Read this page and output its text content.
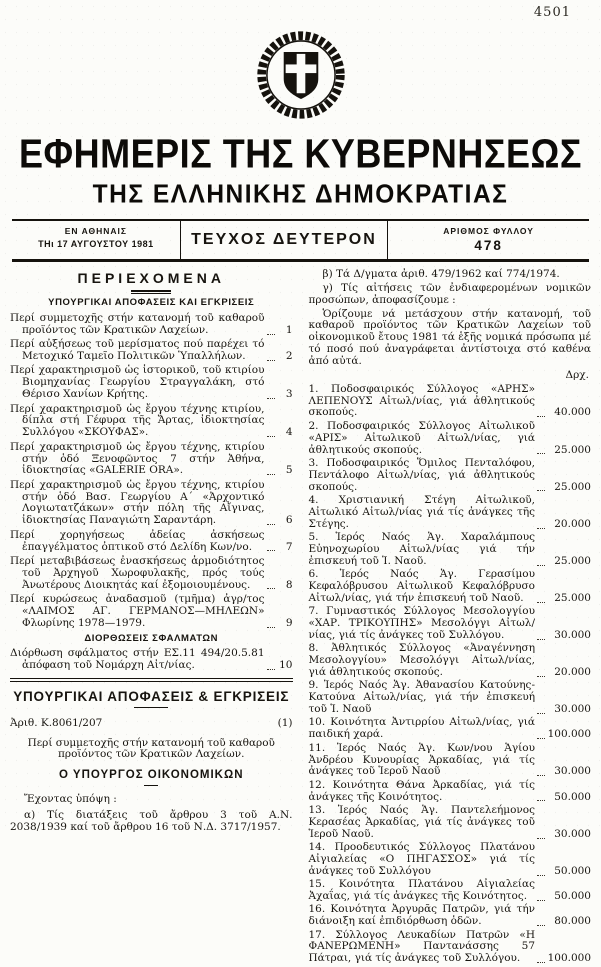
4501
ΕΦΗΜΕΡΙΣ ΤΗΣ ΚΥΒΕΡΝΗΣΕΩΣ
ΤΗΣ ΕΛΛΗΝΙΚΗΣ ΔΗΜΟΚΡΑΤΙΑΣ
ΕΝ ΑΘΗΝΑΙΣ
ΤΗι 17 ΑΥΓΟΥΣΤΟΥ 1981	ΤΕΥΧΟΣ ΔΕΥΤΕΡΟΝ	ΑΡΙΘΜΟΣ ΦΥΛΛΟΥ
478
ΠΕΡΙΕΧΟΜΕΝΑ
ΥΠΟΥΡΓΙΚΑΙ ΑΠΟΦΑΣΕΙΣ ΚΑΙ ΕΓΚΡΙΣΕΙΣ
Περί συμμετοχῆς στήν κατανομή τοῦ καθαροῦ προϊόντος τῶν Κρατικῶν Λαχείων.	1
Περί αὐξήσεως τοῦ μερίσματος πού παρέχει τό Μετοχικό Ταμεῖο Πολιτικῶν Ὑπαλλήλων.	2
Περί χαρακτηρισμοῦ ὡς ἱστορικοῦ, τοῦ κτιρίου Βιομηχανίας Γεωργίου Στραγγαλάκη, στό Θέρισο Χανίων Κρήτης.	3
Περί χαρακτηρισμοῦ ὡς ἔργου τέχνης κτιρίου, δίπλα στή Γέφυρα τῆς Ἄρτας, ἰδιοκτησίας Συλλόγου «ΣΚΟΥΦΑΣ».	4
Περί χαρακτηρισμοῦ ὡς ἔργου τέχνης, κτιρίου στήν ὁδό Ξενοφῶντος 7 στήν Ἀθήνα, ἰδιοκτησίας «GALERIE ORA».	5
Περί χαρακτηρισμοῦ ὡς ἔργου τέχνης, κτιρίου στήν ὁδό Βασ. Γεωργίου Α΄ «Ἀρχοντικό Λογιωτατζάκων» στήν πόλη τῆς Αἴγινας, ἰδιοκτησίας Παναγιώτη Σαραντάρη.	6
Περί χορηγήσεως ἀδείας ἀσκήσεως ἐπαγγέλματος ὀπτικοῦ στό Δελίδη Κων/νο.	7
Περί μεταβιβάσεως ἐνασκήσεως ἁρμοδιότητος τοῦ Ἀρχηγοῦ Χωροφυλακῆς, πρός τούς Ἀνωτέρους Διοικητάς καί ἐξομοιουμένους.	8
Περί κυρώσεως ἀναδασμοῦ (τμῆμα) ἀγρ/τος «ΛΑΙΜΟΣ ΑΓ. ΓΕΡΜΑΝΟΣ—ΜΗΛΕΩΝ» Φλωρίνης 1978—1979.	9
ΔΙΟΡΘΩΣΕΙΣ ΣΦΑΛΜΑΤΩΝ
Διόρθωση σφάλματος στήν ΕΣ.11 494/20.5.81 ἀπόφαση τοῦ Νομάρχη Αἰτ/νίας.	10
ΥΠΟΥΡΓΙΚΑΙ ΑΠΟΦΑΣΕΙΣ & ΕΓΚΡΙΣΕΙΣ
Ἀριθ. Κ.8061/207	(1)
Περί συμμετοχῆς στήν κατανομή τοῦ καθαροῦ προϊόντος τῶν Κρατικῶν Λαχείων.
Ο ΥΠΟΥΡΓΟΣ ΟΙΚΟΝΟΜΙΚΩΝ
Ἔχοντας ὑπόψη :
α) Τίς διατάξεις τοῦ ἄρθρου 3 τοῦ Α.Ν. 2038/1939 καί τοῦ ἄρθρου 16 τοῦ Ν.Δ. 3717/1957.
β) Τά Δ/γματα ἀριθ. 479/1962 καί 774/1974.
γ) Τίς αἰτήσεις τῶν ἐνδιαφερομένων νομικῶν προσώπων, ἀποφασίζουμε :
Ὁρίζουμε νά μετάσχουν στήν κατανομή, τοῦ καθαροῦ προϊόντος τῶν Κρατικῶν Λαχείων τοῦ οἰκονομικοῦ ἔτους 1981 τά ἑξῆς νομικά πρόσωπα μέ τό ποσό πού ἀναγράφεται ἀντίστοιχα στό καθένα ἀπό αὐτά.
Δρχ.
1. Ποδοσφαιρικός Σύλλογος «ΑΡΗΣ» ΛΕΠΕΝΟΥΣ Αἰτωλ/νίας, γιά ἀθλητικούς σκοπούς.	40.000
2. Ποδοσφαιρικός Σύλλογος Αἰτωλικοῦ «ΑΡΙΣ» Αἰτωλικοῦ Αἰτωλ/νίας, γιά ἀθλητικούς σκοπούς.	25.000
3. Ποδοσφαιρικός Ὅμιλος Πενταλόφου, Πεντάλοφο Αἰτωλ/νίας, γιά ἀθλητικούς σκοπούς.	25.000
4. Χριστιανική Στέγη Αἰτωλικοῦ, Αἰτωλικό Αἰτωλ/νίας γιά τίς ἀνάγκες τῆς Στέγης.	20.000
5. Ἱερός Ναός Ἁγ. Χαραλάμπους Εὐηνοχωρίου Αἰτωλ/νίας γιά τήν ἐπισκευή τοῦ Ἱ. Ναοῦ.	25.000
6. Ἱερός Ναός Ἁγ. Γερασίμου Κεφαλόβρυσου Αἰτωλικοῦ Κεφαλόβρυσο Αἰτωλ/νίας, γιά τήν ἐπισκευή τοῦ Ναοῦ.	25.000
7. Γυμναστικός Σύλλογος Μεσολογγίου «ΧΑΡ. ΤΡΙΚΟΥΠΗΣ» Μεσολόγγι Αἰτωλ/νίας, γιά τίς ἀνάγκες τοῦ Συλλόγου.	30.000
8. Ἀθλητικός Σύλλογος «Ἀναγέννηση Μεσολογγίου» Μεσολόγγι Αἰτωλ/νίας, γιά ἀθλητικούς σκοπούς.	20.000
9. Ἱερός Ναός Ἁγ. Ἀθανασίου Κατούνης-Κατούνα Αἰτωλ/νίας, γιά τήν ἐπισκευή τοῦ Ἱ. Ναοῦ	30.000
10. Κοινότητα Ἀντιρρίου Αἰτωλ/νίας, γιά παιδική χαρά.	100.000
11. Ἱερός Ναός Ἁγ. Κων/νου Ἁγίου Ἀνδρέου Κυνουρίας Ἀρκαδίας, γιά τίς ἀνάγκες τοῦ Ἱεροῦ Ναοῦ	30.000
12. Κοινότητα Θάνα Ἀρκαδίας, γιά τίς ἀνάγκες τῆς Κοινότητος.	50.000
13. Ἱερός Ναός Ἁγ. Παντελεήμονος Κερασέας Ἀρκαδίας, γιά τίς ἀνάγκες τοῦ Ἱεροῦ Ναοῦ.	30.000
14. Προοδευτικός Σύλλογος Πλατάνου Αἰγιαλείας «Ο ΠΗΓΑΣΣΟΣ» γιά τίς ἀνάγκες τοῦ Συλλόγου	50.000
15. Κοινότητα Πλατάνου Αἰγιαλείας Ἀχαΐας, γιά τίς ἀνάγκες τῆς Κοινότητος.	50.000
16. Κοινότητα Ἀργυρᾶς Πατρῶν, γιά τήν διάνοιξη καί ἐπιδιόρθωση ὁδῶν.	80.000
17. Σύλλογος Λευκαδίων Πατρῶν «Η ΦΑΝΕΡΩΜΕΝΗ» Παντανάσσης 57 Πάτραι, γιά τίς ἀνάγκες τοῦ Συλλόγου.	100.000
